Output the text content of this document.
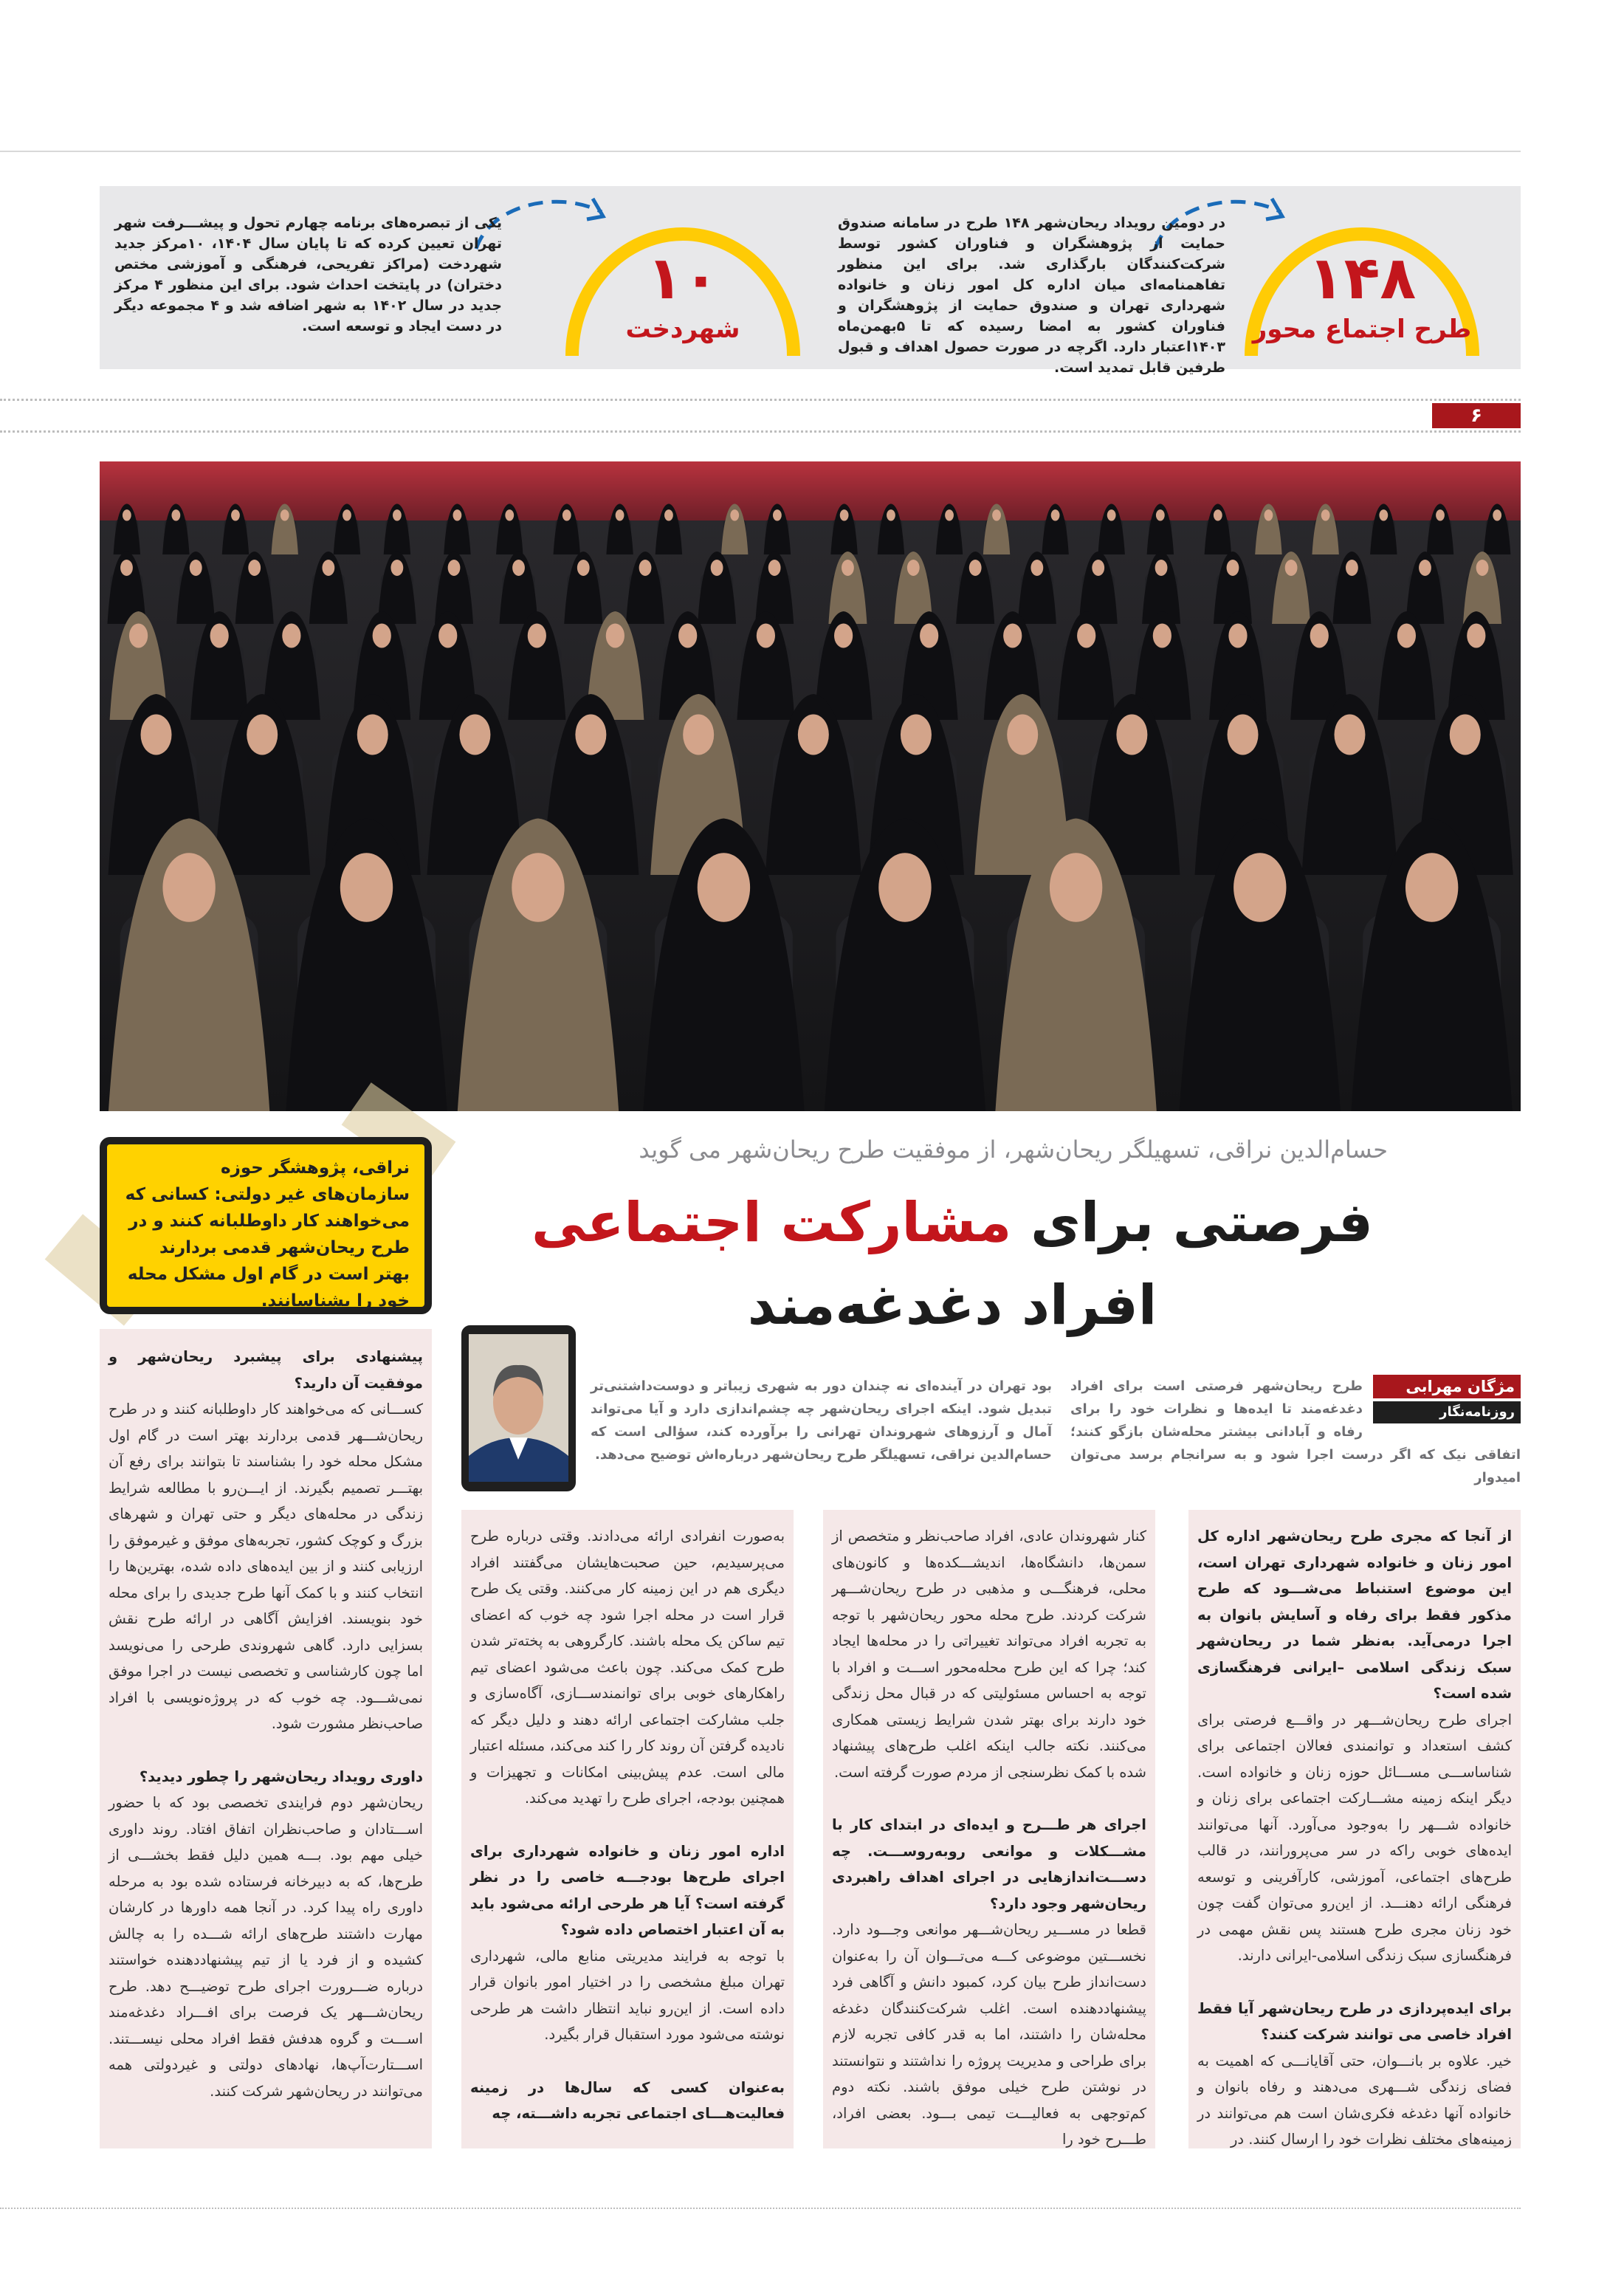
۱۴۸
طرح اجتماع محور
در دومین رویداد ریحان‌شهر ۱۴۸ طرح در سامانه صندوق حمایت از پژوهشگران و فناوران کشور توسط شرکت‌کنندگان بارگذاری شد. برای این منظور تفاهمنامه‌ای میان اداره کل امور زنان و خانواده شهرداری تهران و صندوق حمایت از پژوهشگران و فناوران کشور به امضا رسیده که تا ۵بهمن‌ماه ۱۴۰۳اعتبار دارد. اگرچه در صورت حصول اهداف و قبول طرفین قابل تمدید است.
۱۰
شهردخت
یکی از تبصره‌های برنامه چهارم تحول و پیشـــرفت شهر تهران تعیین کرده که تا پایان سال ۱۴۰۴، ۱۰مرکز جدید شهردخت (مراکز تفریحی، فرهنگی و آموزشی مختص دختران) در پایتخت احداث شود. برای این منظور ۴ مرکز جدید در سال ۱۴۰۲ به شهر اضافه شد و ۴ مجموعه دیگر در دست ایجاد و توسعه است.
۶
نراقی، پژوهشگر حوزه سازمان‌های غیر دولتی: کسانی که می‌خواهند کار داوطلبانه کنند و در طرح ریحان‌شهر قدمی بردارند بهتر است در گام اول مشکل محله خود را بشناسانند.
حسام‌الدین نراقی، تسهیلگر ریحان‌شهر، از موفقیت طرح ریحان‌شهر می گوید
فرصتی برای مشارکت اجتماعی
افراد دغدغه‌مند
مژگان مهرابی
روزنامه‌نگار
طرح ریحان‌شهر فرصتی است برای افراد دغدغه‌مند تا ایده‌ها و نظرات خود را برای رفاه و آبادانی بیشتر محله‌شان بازگو کنند؛ اتفاقی نیک که اگر درست اجرا شود و به سرانجام برسد می‌توان امیدوار
بود تهران در آینده‌ای نه چندان دور به شهری زیباتر و دوست‌داشتنی‌تر تبدیل شود. اینکه اجرای ریحان‌شهر چه چشم‌اندازی دارد و آیا می‌تواند آمال و آرزوهای شهروندان تهرانی را برآورده کند، سؤالی است که حسام‌الدین نراقی، تسهیلگر طرح ریحان‌شهر درباره‌اش توضیح می‌دهد.

از آنجا که مجری طرح ریحان‌شهر اداره کل امور زنان و خانواده شهرداری تهران است، این موضوع استنباط می‌شـــود که طرح مذکور فقط برای رفاه و آسایش بانوان به اجرا درمی‌آید. به‌نظر شما در ریحان‌شهر سبک زندگی اسلامی –ایرانی فرهنگسازی شده است؟

اجرای طرح ریحان‌شـــهر در واقـــع فرصتی برای کشف استعداد و توانمندی فعالان اجتماعی برای شناساســـی مســـائل حوزه زنان و خانواده است. دیگر اینکه زمینه مشـــارکت اجتماعی برای زنان و خانواده شـــهر را به‌وجود می‌آورد. آنها می‌توانند ایده‌های خوبی راکه در سر می‌پرورانند، در قالب طرح‌های اجتماعی، آموزشی، کارآفرینی و توسعه فرهنگی ارائه دهنـــد. از این‌رو می‌توان گفت چون خود زنان مجری طرح هستند پس نقش مهمی در فرهنگسازی سبک زندگی اسلامی-ایرانی دارند.

برای ایده‌پردازی در طرح ریحان‌شهر آیا فقط افراد خاصی می توانند شرکت کنند؟

خیر. علاوه بر بانـــوان، حتی آقایانـــی که اهمیت به فضای زندگی شـــهری می‌دهند و رفاه بانوان و خانواده آنها دغدغه فکری‌شان است هم می‌توانند در زمینه‌های مختلف نظرات خود را ارسال کنند. در

کنار شهروندان عادی، افراد صاحب‌نظر و متخصص از سمن‌ها، دانشگاه‌ها، اندیشـــکده‌ها و کانون‌های محلی، فرهنگـــی و مذهبی در طرح ریحان‌شـــهر شرکت کردند. طرح محله محور ریحان‌شهر با توجه به تجربه افراد می‌تواند تغییراتی را در محله‌ها ایجاد کند؛ چرا که این طرح محله‌محور اســـت و افراد با توجه به احساس مسئولیتی که در قبال محل زندگی خود دارند برای بهتر شدن شرایط زیستی همکاری می‌کنند. نکته جالب اینکه اغلب طرح‌های پیشنهاد شده با کمک نظرسنجی از مردم صورت گرفته است.

اجرای هر طـــرح و ایده‌ای در ابتدای کار با مشـــکلات و موانعی روبه‌روســـت. چه دســـت‌اندازهایی در اجرای اهداف راهبردی ریحان‌شهر وجود دارد؟

قطعا در مســـیر ریحان‌شـــهر موانعی وجـــود دارد. نخســـتین موضوعی کـــه می‌تـــوان آن را به‌عنوان دست‌انداز طرح بیان کرد، کمبود دانش و آگاهی فرد پیشنهاددهنده است. اغلب شرکت‌کنندگان دغدغه محله‌شان را داشتند، اما به قدر کافی تجربه لازم برای طراحی و مدیریت پروژه را نداشتند و نتوانستند در نوشتن طرح خیلی موفق باشند. نکته دوم کم‌توجهی به فعالیـــت تیمی بـــود. بعضی افراد، طـــرح خود را

به‌صورت انفرادی ارائه می‌دادند. وقتی درباره طرح می‌پرسیدیم، حین صحبت‌هایشان می‌گفتند افراد دیگری هم در این زمینه کار می‌کنند. وقتی یک طرح قرار است در محله اجرا شود چه خوب که اعضای تیم ساکن یک محله باشند. کارگروهی به پخته‌تر شدن طرح کمک می‌کند. چون باعث می‌شود اعضای تیم راهکارهای خوبی برای توانمندســـازی، آگاه‌سازی و جلب مشارکت اجتماعی ارائه دهند و دلیل دیگر که نادیده گرفتن آن روند کار را کند می‌کند، مسئله اعتبار مالی است. عدم پیش‌بینی امکانات و تجهیزات و همچنین بودجه، اجرای طرح را تهدید می‌کند.

اداره امور زنان و خانواده شهرداری برای اجرای طرح‌ها بودجـــه خاصی را در نظر گرفته است؟ آیا هر طرحی ارائه می‌شود باید به آن اعتبار اختصاص داده شود؟

با توجه به فرایند مدیریتی منابع مالی، شهرداری تهران مبلغ مشخصی را در اختیار امور بانوان قرار داده است. از این‌رو نباید انتظار داشت هر طرحی نوشته می‌شود مورد استقبال قرار بگیرد.

به‌عنوان کسی که سال‌ها در زمینه فعالیت‌هـــای اجتماعی تجربه داشـــته، چه

پیشنهادی برای پیشبرد ریحان‌شهر و موفقیت آن دارید؟

کســـانی که می‌خواهند کار داوطلبانه کنند و در طرح ریحان‌شـــهر قدمی بردارند بهتر است در گام اول مشکل محله خود را بشناسند تا بتوانند برای رفع آن بهتـــر تصمیم بگیرند. از ایـــن‌رو با مطالعه شرایط زندگی در محله‌های دیگر و حتی تهران و شهرهای بزرگ و کوچک کشور، تجربه‌های موفق و غیرموفق را ارزیابی کنند و از بین ایده‌های داده شده، بهترین‌ها را انتخاب کنند و با کمک آنها طرح جدیدی را برای محله خود بنویسند. افزایش آگاهی در ارائه طرح نقش بسزایی دارد. گاهی شهروندی طرحی را می‌نویسد اما چون کارشناسی و تخصصی نیست در اجرا موفق نمی‌شـــود. چه خوب که در پروژه‌نویسی با افراد صاحب‌نظر مشورت شود.

داوری رویداد ریحان‌شهر را چطور دیدید؟

ریحان‌شهر دوم فرایندی تخصصی بود که با حضور اســـتادان و صاحب‌نظران اتفاق افتاد. روند داوری خیلی مهم بود. بـــه همین دلیل فقط بخشـــی از طرح‌ها، که به دبیرخانه فرستاده شده بود به مرحله داوری راه پیدا کرد. در آنجا همه داورها در کارشان مهارت داشتند طرح‌های ارائه شـــده را به چالش کشیده و از فرد یا از تیم پیشنهاددهنده خواستند درباره ضـــرورت اجرای طرح توضیـــح دهد. طرح ریحان‌شـــهر یک فرصت برای افـــراد دغدغه‌مند اســـت و گروه هدفش فقط افراد محلی نیســـتند. اســـتارت‌آپ‌ها، نهادهای دولتی و غیردولتی همه می‌توانند در ریحان‌شهر شرکت کنند.
